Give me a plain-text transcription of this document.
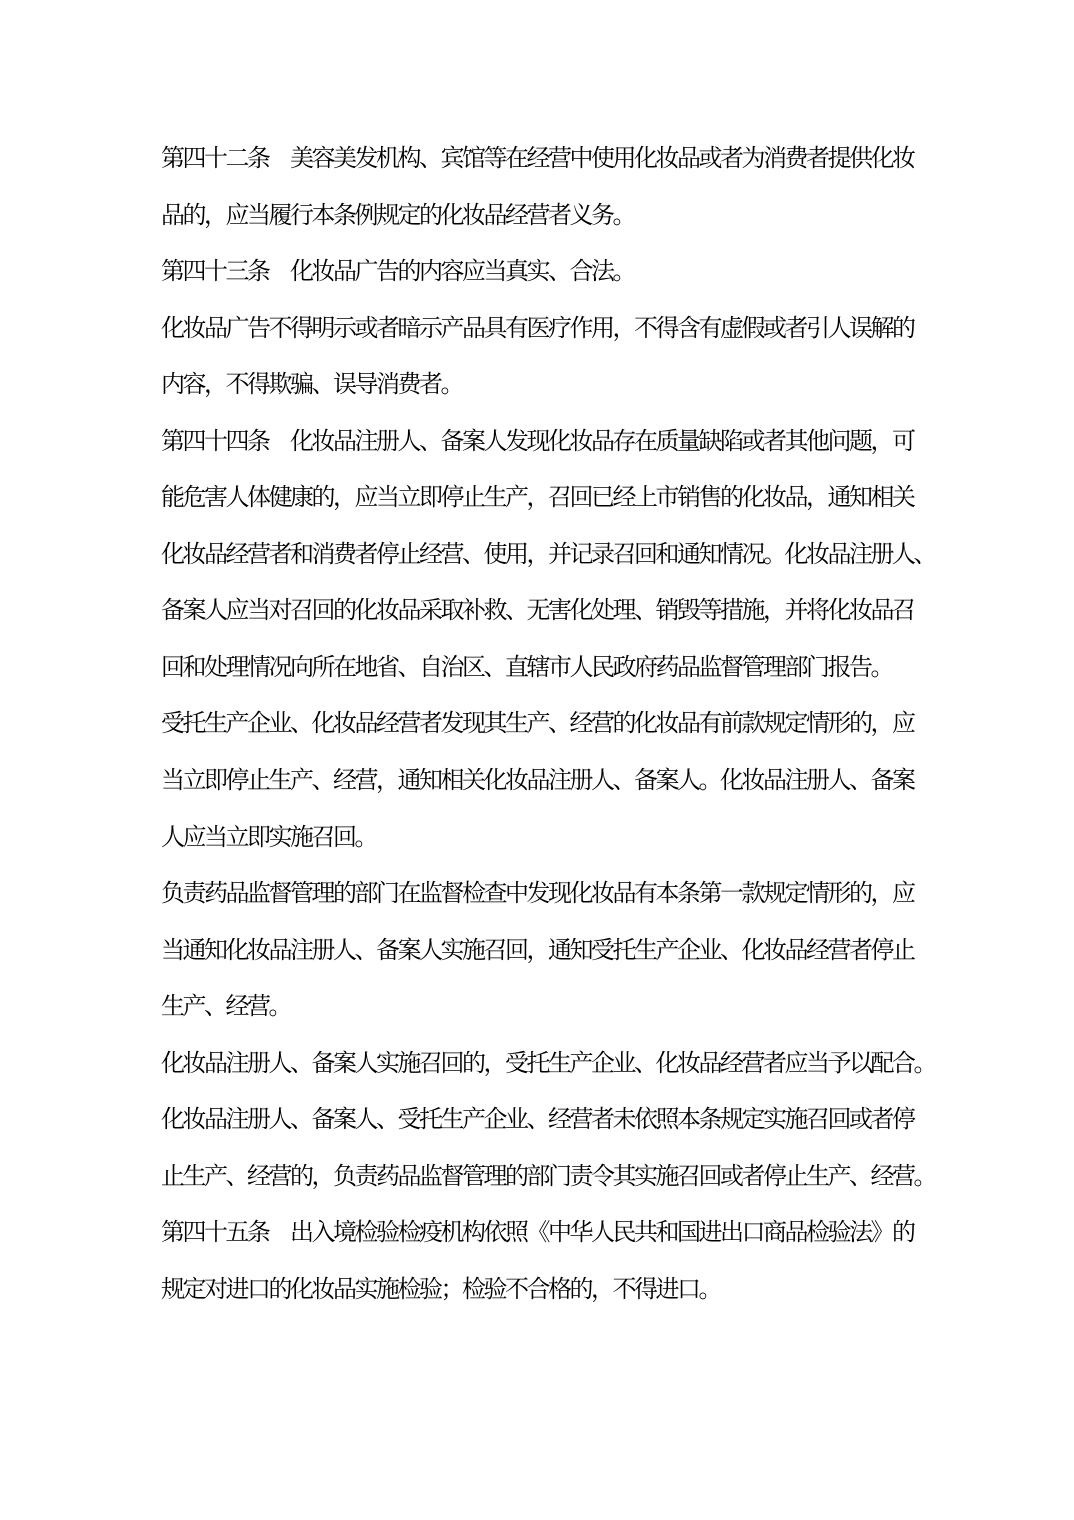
第四十二条　美容美发机构、宾馆等在经营中使用化妆品或者为消费者提供化妆
品的，应当履行本条例规定的化妆品经营者义务。
第四十三条　化妆品广告的内容应当真实、合法。
化妆品广告不得明示或者暗示产品具有医疗作用，不得含有虚假或者引人误解的
内容，不得欺骗、误导消费者。
第四十四条　化妆品注册人、备案人发现化妆品存在质量缺陷或者其他问题，可
能危害人体健康的，应当立即停止生产，召回已经上市销售的化妆品，通知相关
化妆品经营者和消费者停止经营、使用，并记录召回和通知情况。化妆品注册人、
备案人应当对召回的化妆品采取补救、无害化处理、销毁等措施，并将化妆品召
回和处理情况向所在地省、自治区、直辖市人民政府药品监督管理部门报告。
受托生产企业、化妆品经营者发现其生产、经营的化妆品有前款规定情形的，应
当立即停止生产、经营，通知相关化妆品注册人、备案人。化妆品注册人、备案
人应当立即实施召回。
负责药品监督管理的部门在监督检查中发现化妆品有本条第一款规定情形的，应
当通知化妆品注册人、备案人实施召回，通知受托生产企业、化妆品经营者停止
生产、经营。
化妆品注册人、备案人实施召回的，受托生产企业、化妆品经营者应当予以配合。
化妆品注册人、备案人、受托生产企业、经营者未依照本条规定实施召回或者停
止生产、经营的，负责药品监督管理的部门责令其实施召回或者停止生产、经营。
第四十五条　出入境检验检疫机构依照《中华人民共和国进出口商品检验法》的
规定对进口的化妆品实施检验；检验不合格的，不得进口。
